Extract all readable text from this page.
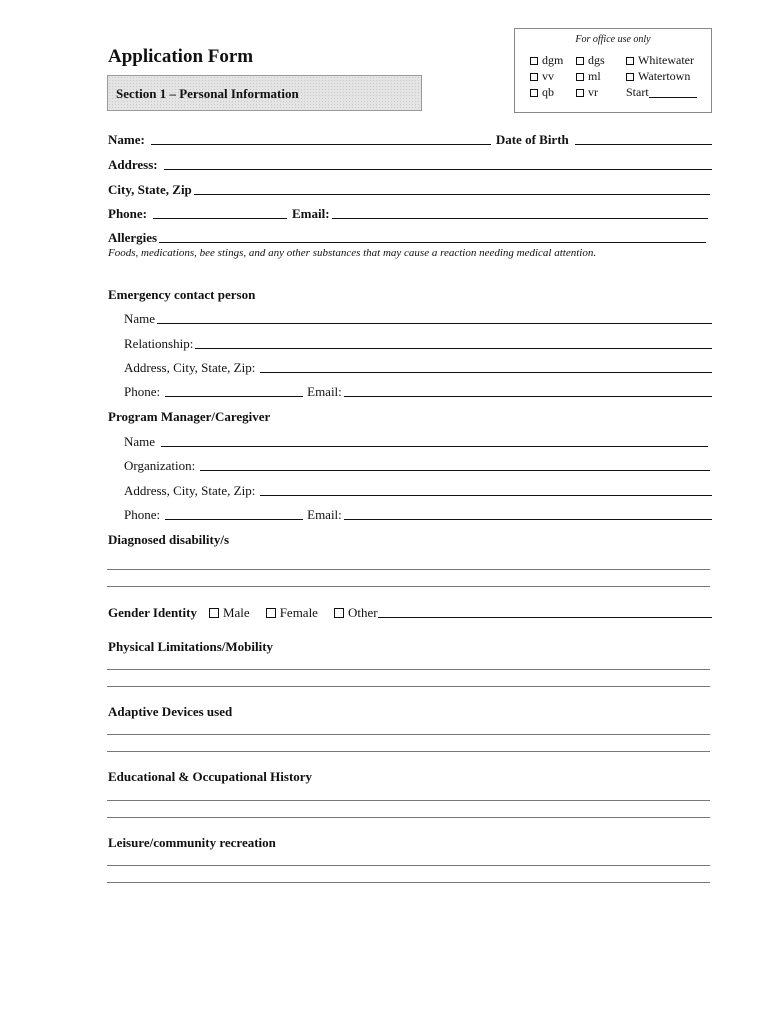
Application Form
Section 1 – Personal Information
For office use only
dgm	dgs	Whitewater
vv	ml	Watertown
qb	vr Start
Name:	Date of Birth
Address:
City, State, Zip
Phone:	Email:
Allergies
Foods, medications, bee stings, and any other substances that may cause a reaction needing medical attention.
Emergency contact person
Name
Relationship:
Address, City, State, Zip:
Phone:	Email:
Program Manager/Caregiver
Name
Organization:
Address, City, State, Zip:
Phone:	Email:
Diagnosed disability/s
Gender Identity Male Female Other
Physical Limitations/Mobility
Adaptive Devices used
Educational & Occupational History
Leisure/community recreation
